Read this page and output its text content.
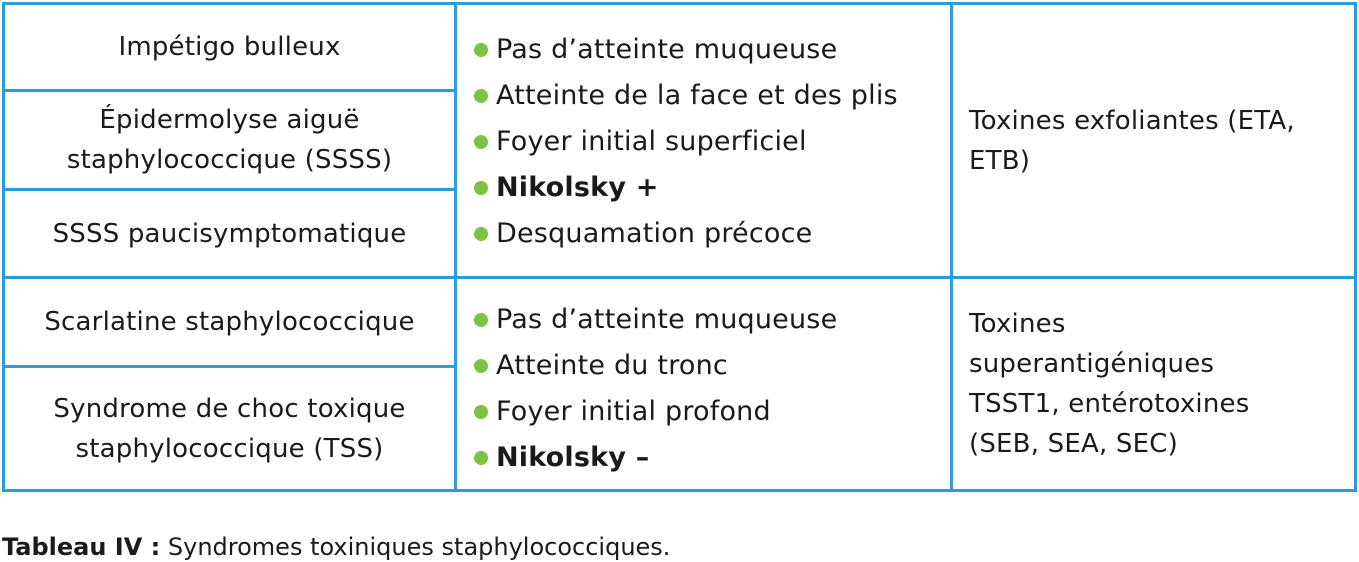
Impétigo bulleux
Épidermolyse aiguë
staphylococcique (SSSS)
SSSS paucisymptomatique
Pas d’atteinte muqueuse
Atteinte de la face et des plis
Foyer initial superficiel
Nikolsky +
Desquamation précoce
Toxines exfoliantes (ETA,
ETB)
Scarlatine staphylococcique
Syndrome de choc toxique
staphylococcique (TSS)
Pas d’atteinte muqueuse
Atteinte du tronc
Foyer initial profond
Nikolsky –
Toxines
superantigéniques
TSST1, entérotoxines
(SEB, SEA, SEC)
Tableau IV : Syndromes toxiniques staphylococciques.
